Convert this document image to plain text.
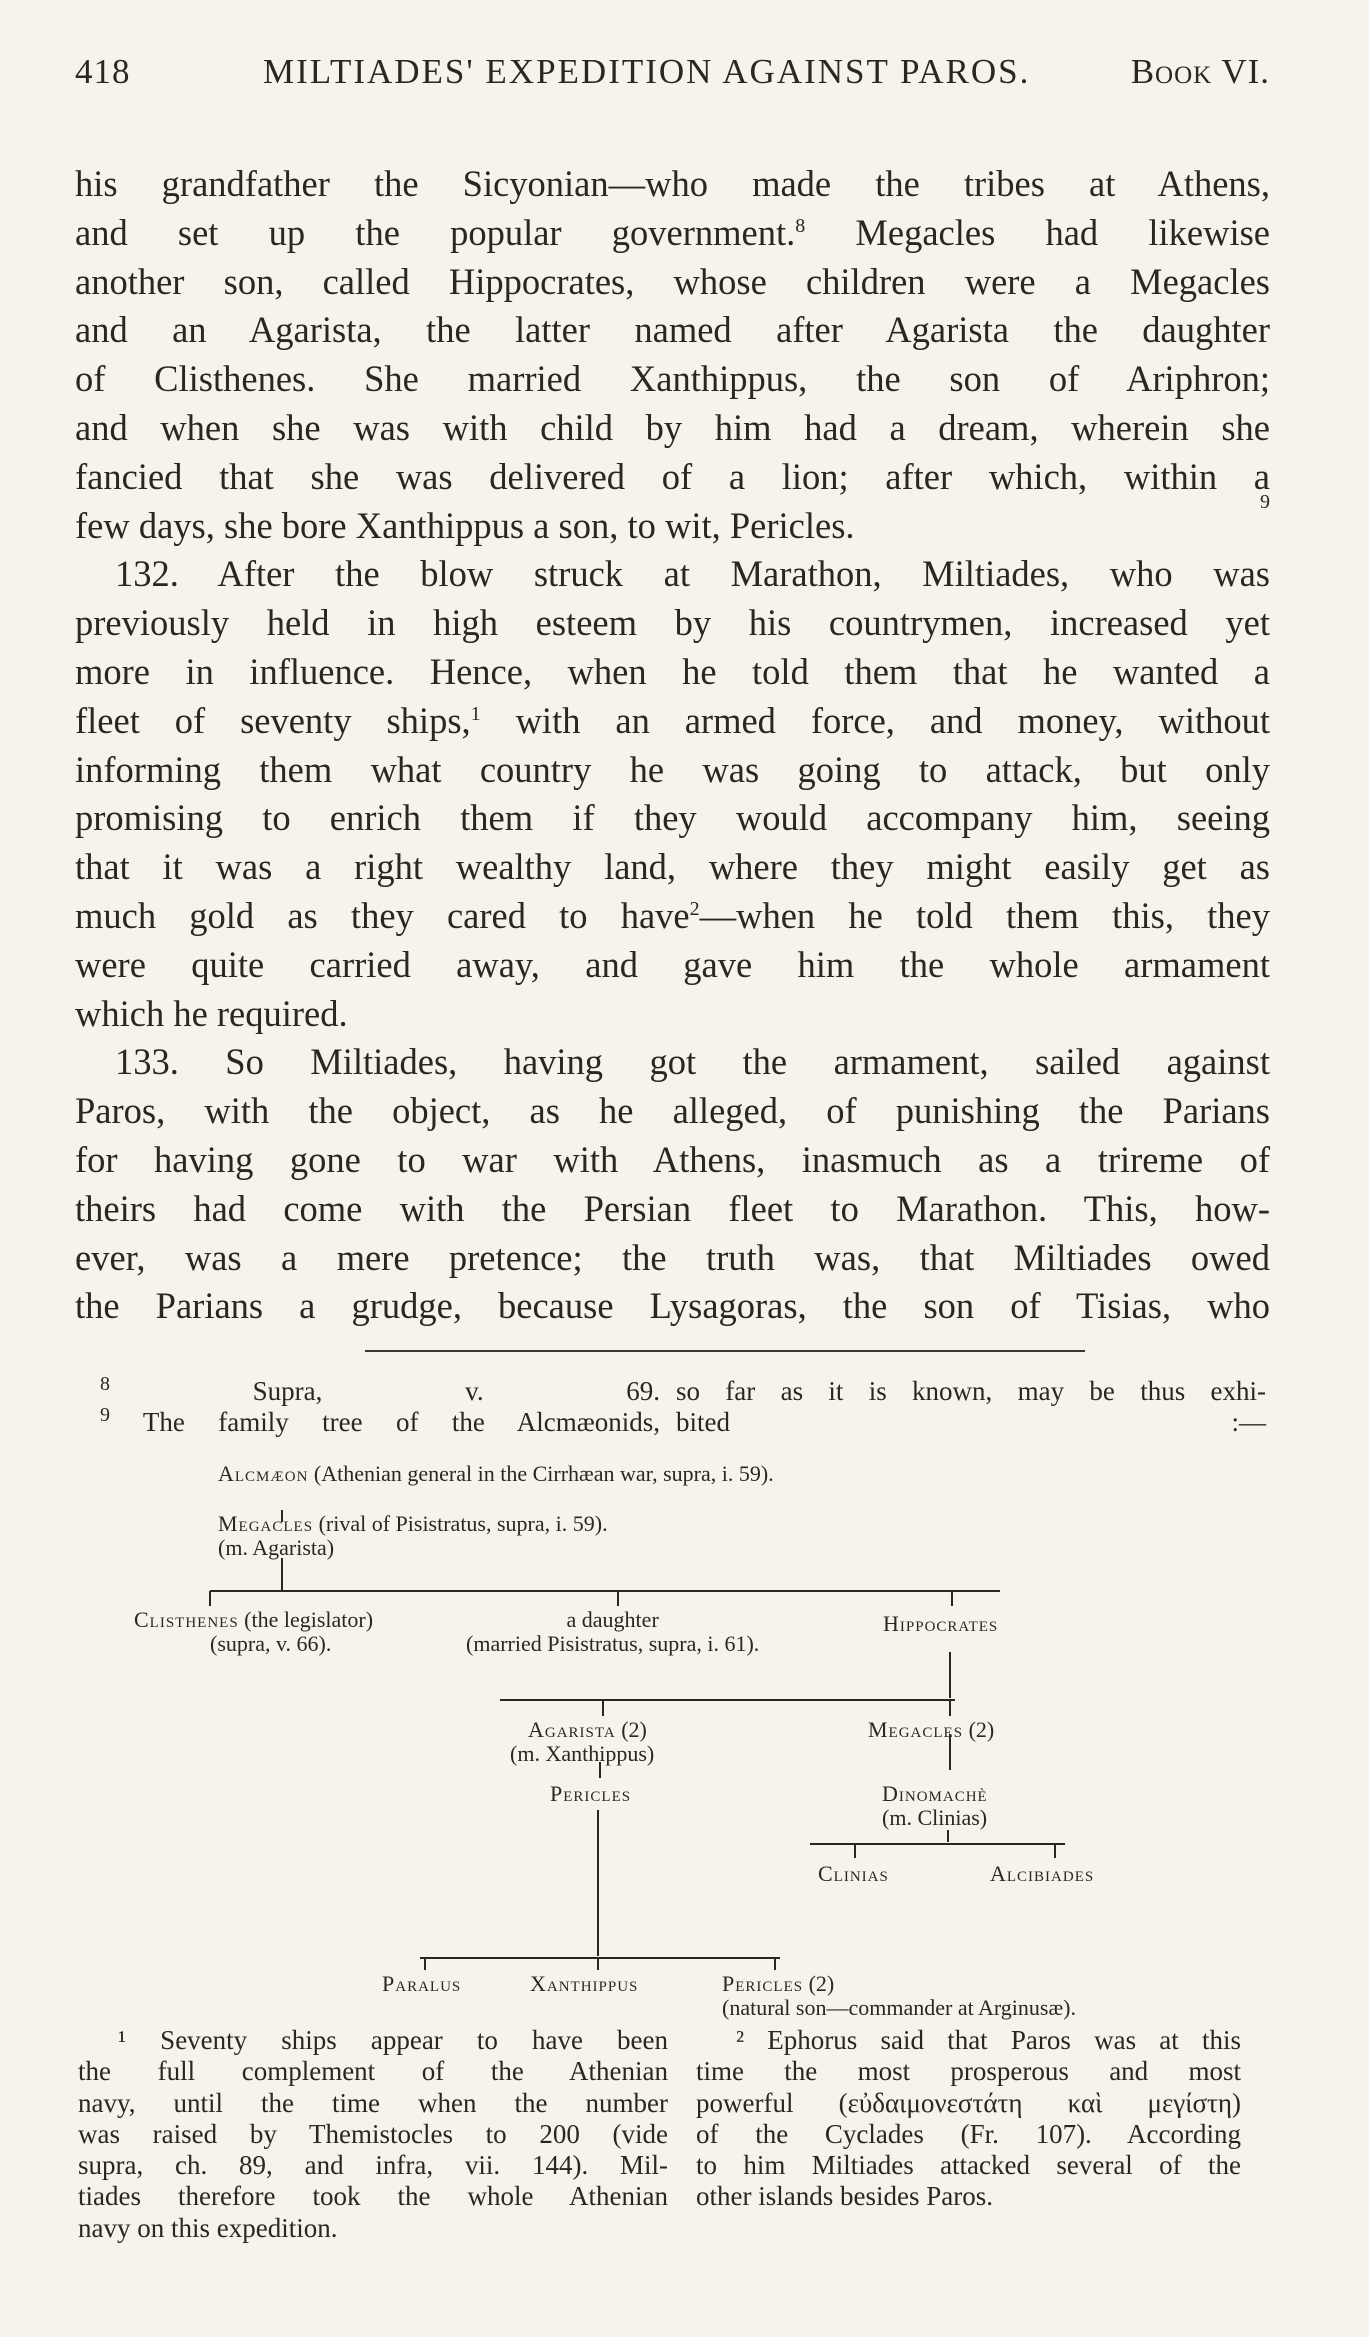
418	MILTIADES' EXPEDITION AGAINST PAROS.	Book VI.
his grandfather the Sicyonian—who made the tribes at Athens,
and set up the popular government.$^8$ Megacles had likewise
another son, called Hippocrates, whose children were a Megacles
and an Agarista, the latter named after Agarista the daughter
of Clisthenes. She married Xanthippus, the son of Ariphron;
and when she was with child by him had a dream, wherein she
fancied that she was delivered of a lion; after which, within a
few days, she bore Xanthippus a son, to wit, Pericles.
9
132. After the blow struck at Marathon, Miltiades, who was
previously held in high esteem by his countrymen, increased yet
more in influence. Hence, when he told them that he wanted a
fleet of seventy ships,$^1$ with an armed force, and money, without
informing them what country he was going to attack, but only
promising to enrich them if they would accompany him, seeing
that it was a right wealthy land, where they might easily get as
much gold as they cared to have$^2$—when he told them this, they
were quite carried away, and gave him the whole armament
which he required.
133. So Miltiades, having got the armament, sailed against
Paros, with the object, as he alleged, of punishing the Parians
for having gone to war with Athens, inasmuch as a trireme of
theirs had come with the Persian fleet to Marathon. This, how-
ever, was a mere pretence; the truth was, that Miltiades owed
the Parians a grudge, because Lysagoras, the son of Tisias, who
$^8$ Supra, v. 69.
$^9$ The family tree of the Alcmæonids,
so far as it is known, may be thus exhi-
bited :—
Alcmæon (Athenian general in the Cirrhæan war, supra, i. 59).
Megacles (rival of Pisistratus, supra, i. 59).
(m. Agarista)
Clisthenes (the legislator)
(supra, v. 66).
a daughter
(married Pisistratus, supra, i. 61).
Hippocrates
Agarista (2)
(m. Xanthippus)
Megacles (2)
Pericles	Dinomachè
(m. Clinias)
Clinias	Alcibiades
Paralus	Xanthippus	Pericles (2)
(natural son—commander at Arginusæ).
¹ Seventy ships appear to have been
the full complement of the Athenian
navy, until the time when the number
was raised by Themistocles to 200 (vide
supra, ch. 89, and infra, vii. 144). Mil-
tiades therefore took the whole Athenian
navy on this expedition.
² Ephorus said that Paros was at this
time the most prosperous and most
powerful (εὐδαιμονεστάτη καὶ μεγίστη)
of the Cyclades (Fr. 107). According
to him Miltiades attacked several of the
other islands besides Paros.
